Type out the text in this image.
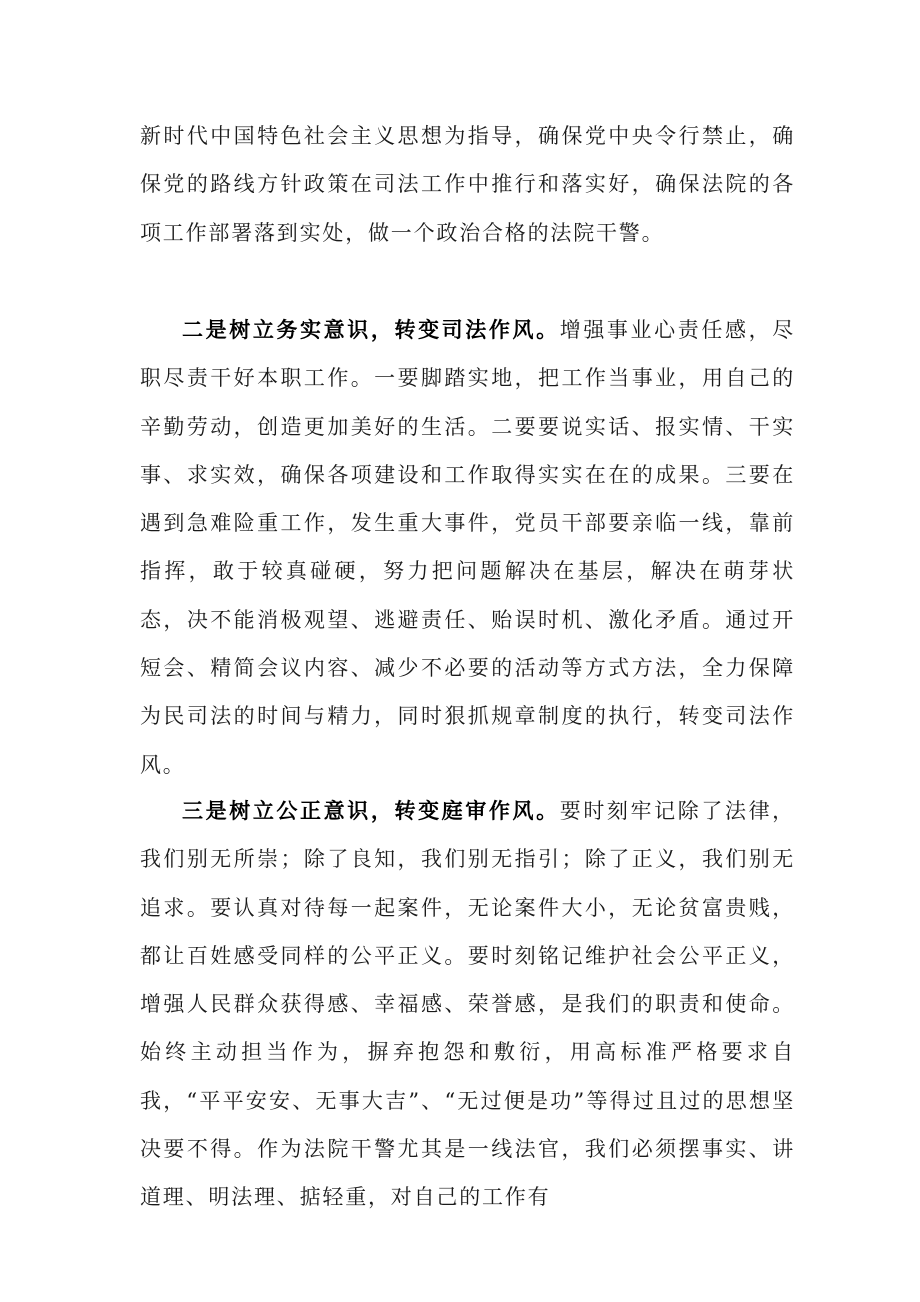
新时代中国特色社会主义思想为指导，确保党中央令行禁止，确保党的路线方针政策在司法工作中推行和落实好，确保法院的各项工作部署落到实处，做一个政治合格的法院干警。

二是树立务实意识，转变司法作风。增强事业心责任感，尽职尽责干好本职工作。一要脚踏实地，把工作当事业，用自己的辛勤劳动，创造更加美好的生活。二要要说实话、报实情、干实事、求实效，确保各项建设和工作取得实实在在的成果。三要在遇到急难险重工作，发生重大事件，党员干部要亲临一线，靠前指挥，敢于较真碰硬，努力把问题解决在基层，解决在萌芽状态，决不能消极观望、逃避责任、贻误时机、激化矛盾。通过开短会、精简会议内容、减少不必要的活动等方式方法，全力保障为民司法的时间与精力，同时狠抓规章制度的执行，转变司法作风。

三是树立公正意识，转变庭审作风。要时刻牢记除了法律，我们别无所崇；除了良知，我们别无指引；除了正义，我们别无追求。要认真对待每一起案件，无论案件大小，无论贫富贵贱，都让百姓感受同样的公平正义。要时刻铭记维护社会公平正义，增强人民群众获得感、幸福感、荣誉感，是我们的职责和使命。始终主动担当作为，摒弃抱怨和敷衍，用高标准严格要求自我，“平平安安、无事大吉”、“无过便是功”等得过且过的思想坚决要不得。作为法院干警尤其是一线法官，我们必须摆事实、讲道理、明法理、掂轻重，对自己的工作有
